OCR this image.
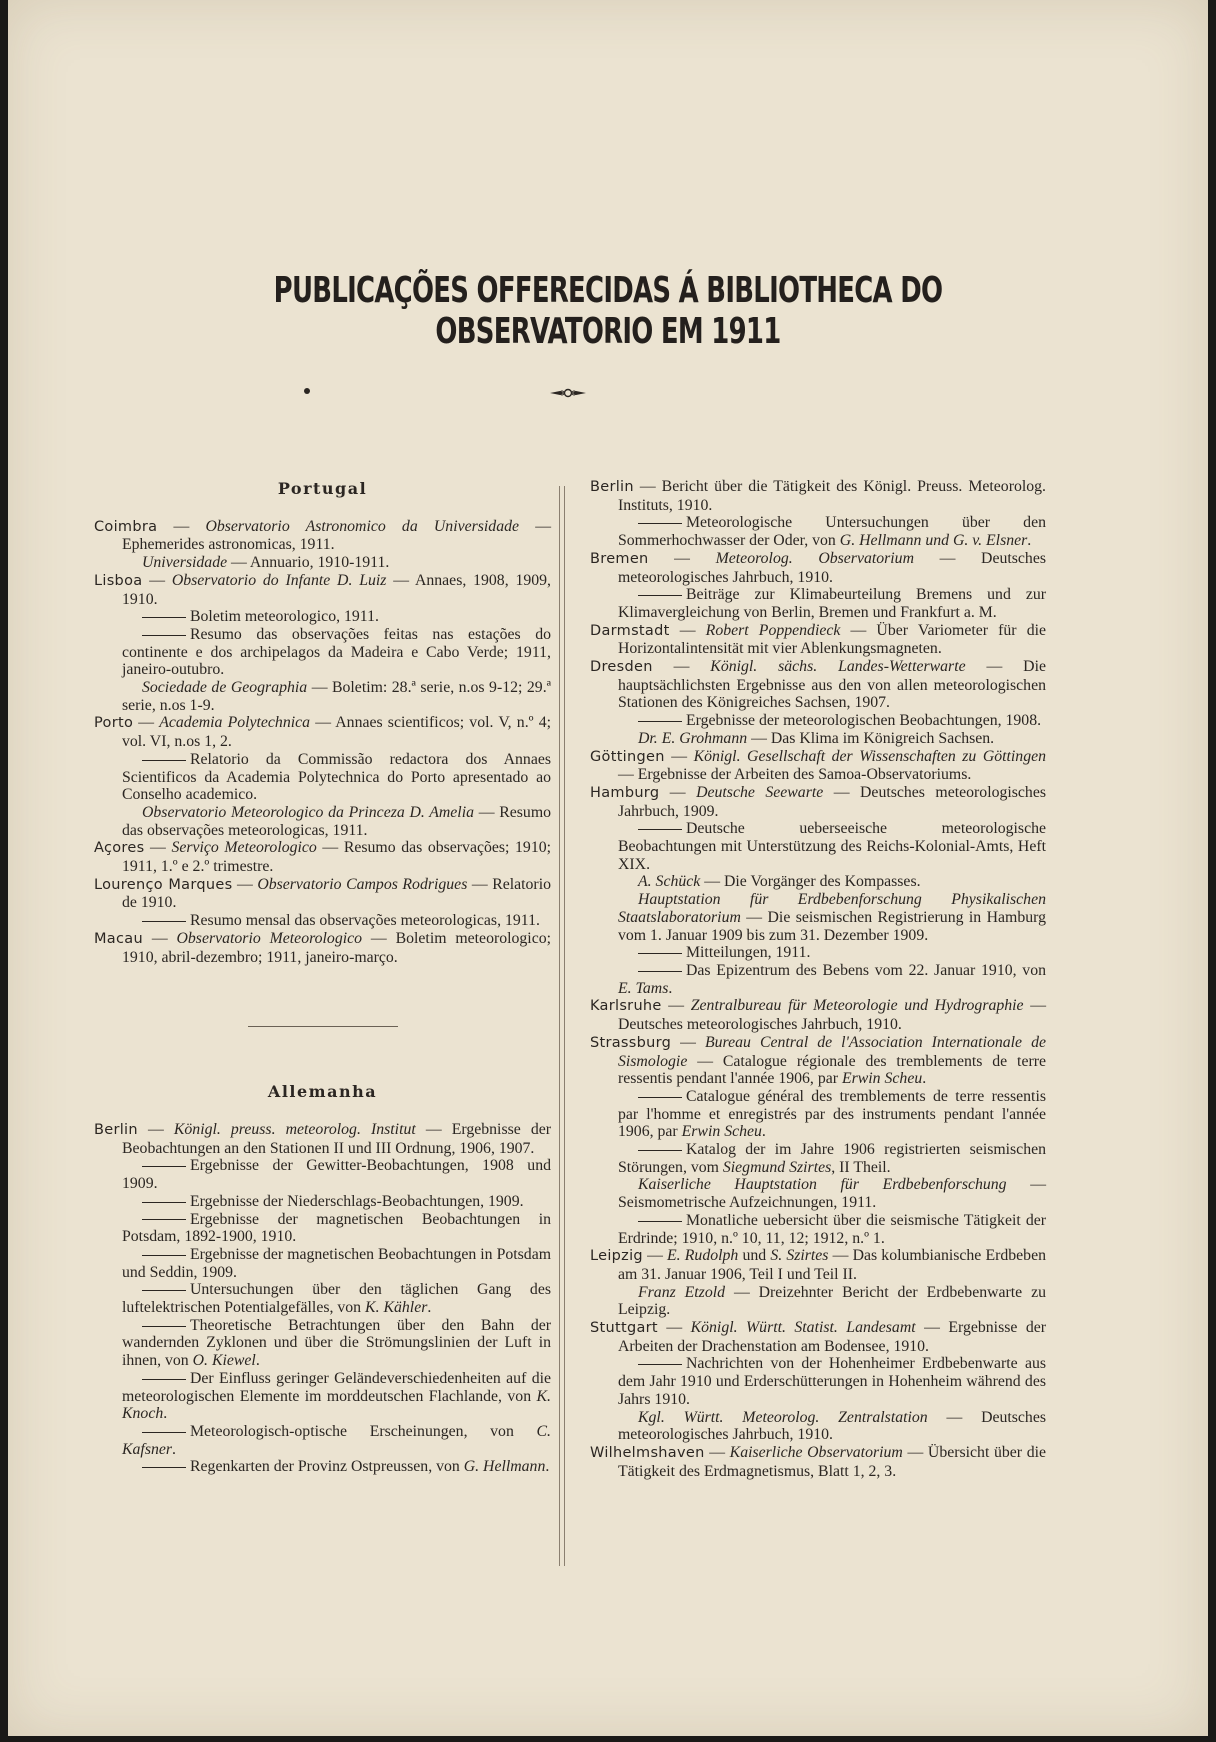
PUBLICAÇÕES OFFERECIDAS Á BIBLIOTHECA DO OBSERVATORIO EM 1911
Portugal

Coimbra — Observatorio Astronomico da Universidade — Ephemerides astronomicas, 1911.

Universidade — Annuario, 1910-1911.

Lisboa — Observatorio do Infante D. Luiz — Annaes, 1908, 1909, 1910.

Boletim meteorologico, 1911.

Resumo das observações feitas nas estações do continente e dos archipelagos da Madeira e Cabo Verde; 1911, janeiro-outubro.

Sociedade de Geographia — Boletim: 28.ª serie, n.os 9-12; 29.ª serie, n.os 1-9.

Porto — Academia Polytechnica — Annaes scientificos; vol. V, n.º 4; vol. VI, n.os 1, 2.

Relatorio da Commissão redactora dos Annaes Scientificos da Academia Polytechnica do Porto apresentado ao Conselho academico.

Observatorio Meteorologico da Princeza D. Amelia — Resumo das observações meteorologicas, 1911.

Açores — Serviço Meteorologico — Resumo das observações; 1910; 1911, 1.º e 2.º trimestre.

Lourenço Marques — Observatorio Campos Rodrigues — Relatorio de 1910.

Resumo mensal das observações meteorologicas, 1911.

Macau — Observatorio Meteorologico — Boletim meteorologico; 1910, abril-dezembro; 1911, janeiro-março.

Allemanha

Berlin — Königl. preuss. meteorolog. Institut — Ergebnisse der Beobachtungen an den Stationen II und III Ordnung, 1906, 1907.

Ergebnisse der Gewitter-Beobachtungen, 1908 und 1909.

Ergebnisse der Niederschlags-Beobachtungen, 1909.

Ergebnisse der magnetischen Beobachtungen in Potsdam, 1892-1900, 1910.

Ergebnisse der magnetischen Beobachtungen in Potsdam und Seddin, 1909.

Untersuchungen über den täglichen Gang des luftelektrischen Potentialgefälles, von K. Kähler.

Theoretische Betrachtungen über den Bahn der wandernden Zyklonen und über die Strömungslinien der Luft in ihnen, von O. Kiewel.

Der Einfluss geringer Geländeverschiedenheiten auf die meteorologischen Elemente im morddeutschen Flachlande, von K. Knoch.

Meteorologisch-optische Erscheinungen, von C. Kafsner.

Regenkarten der Provinz Ostpreussen, von G. Hellmann.

Berlin — Bericht über die Tätigkeit des Königl. Preuss. Meteorolog. Instituts, 1910.

Meteorologische Untersuchungen über den Sommerhochwasser der Oder, von G. Hellmann und G. v. Elsner.

Bremen — Meteorolog. Observatorium — Deutsches meteorologisches Jahrbuch, 1910.

Beiträge zur Klimabeurteilung Bremens und zur Klimavergleichung von Berlin, Bremen und Frankfurt a. M.

Darmstadt — Robert Poppendieck — Über Variometer für die Horizontalintensität mit vier Ablenkungsmagneten.

Dresden — Königl. sächs. Landes-Wetterwarte — Die hauptsächlichsten Ergebnisse aus den von allen meteorologischen Stationen des Königreiches Sachsen, 1907.

Ergebnisse der meteorologischen Beobachtungen, 1908.

Dr. E. Grohmann — Das Klima im Königreich Sachsen.

Göttingen — Königl. Gesellschaft der Wissenschaften zu Göttingen — Ergebnisse der Arbeiten des Samoa-Observatoriums.

Hamburg — Deutsche Seewarte — Deutsches meteorologisches Jahrbuch, 1909.

Deutsche ueberseeische meteorologische Beobachtungen mit Unterstützung des Reichs-Kolonial-Amts, Heft XIX.

A. Schück — Die Vorgänger des Kompasses.

Hauptstation für Erdbebenforschung Physikalischen Staatslaboratorium — Die seismischen Registrierung in Hamburg vom 1. Januar 1909 bis zum 31. Dezember 1909.

Mitteilungen, 1911.

Das Epizentrum des Bebens vom 22. Januar 1910, von E. Tams.

Karlsruhe — Zentralbureau für Meteorologie und Hydrographie — Deutsches meteorologisches Jahrbuch, 1910.

Strassburg — Bureau Central de l'Association Internationale de Sismologie — Catalogue régionale des tremblements de terre ressentis pendant l'année 1906, par Erwin Scheu.

Catalogue général des tremblements de terre ressentis par l'homme et enregistrés par des instruments pendant l'année 1906, par Erwin Scheu.

Katalog der im Jahre 1906 registrierten seismischen Störungen, vom Siegmund Szirtes, II Theil.

Kaiserliche Hauptstation für Erdbebenforschung — Seismometrische Aufzeichnungen, 1911.

Monatliche uebersicht über die seismische Tätigkeit der Erdrinde; 1910, n.º 10, 11, 12; 1912, n.º 1.

Leipzig — E. Rudolph und S. Szirtes — Das kolumbianische Erdbeben am 31. Januar 1906, Teil I und Teil II.

Franz Etzold — Dreizehnter Bericht der Erdbebenwarte zu Leipzig.

Stuttgart — Königl. Württ. Statist. Landesamt — Ergebnisse der Arbeiten der Drachenstation am Bodensee, 1910.

Nachrichten von der Hohenheimer Erdbebenwarte aus dem Jahr 1910 und Erderschütterungen in Hohenheim während des Jahrs 1910.

Kgl. Württ. Meteorolog. Zentralstation — Deutsches meteorologisches Jahrbuch, 1910.

Wilhelmshaven — Kaiserliche Observatorium — Übersicht über die Tätigkeit des Erdmagnetismus, Blatt 1, 2, 3.
